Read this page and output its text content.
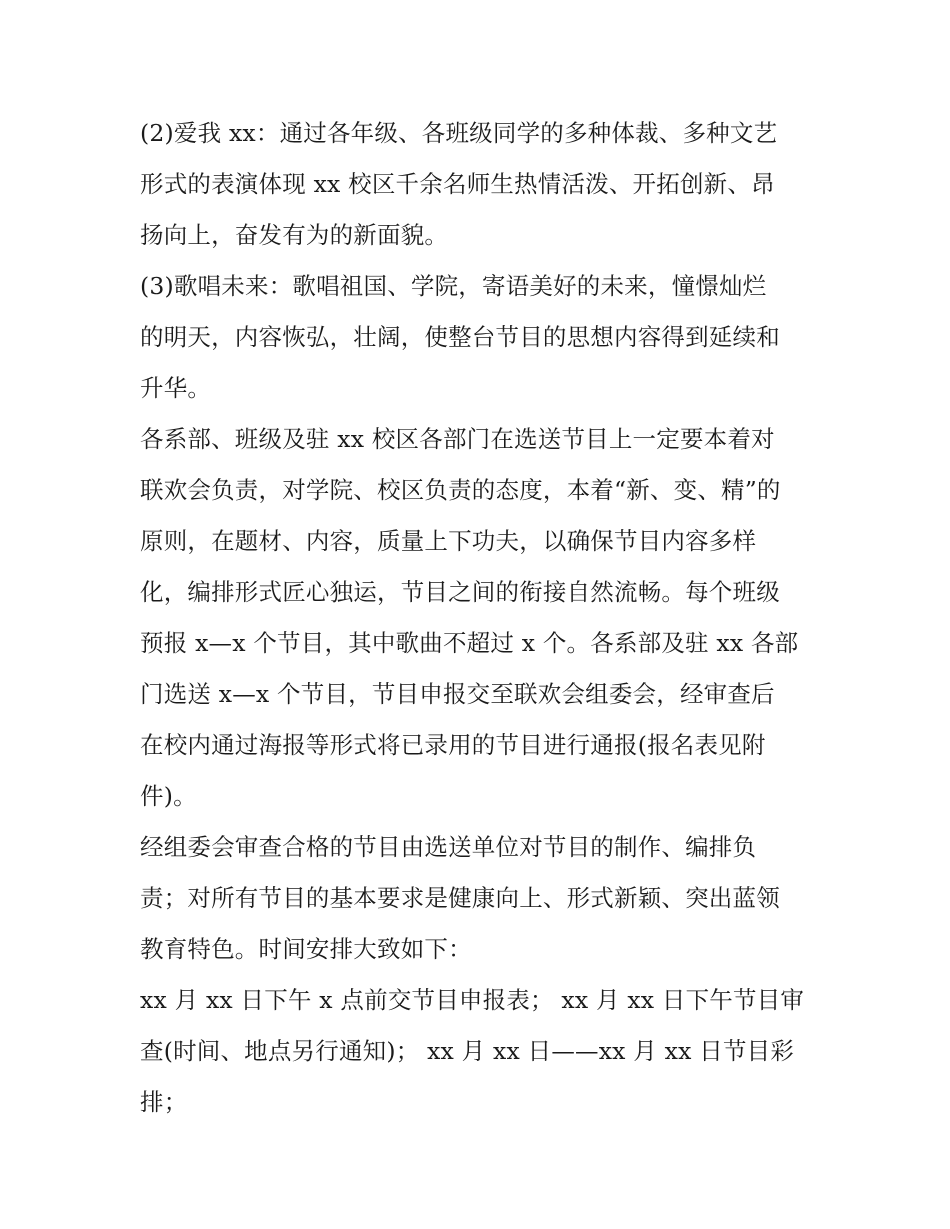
(2)爱我 xx：通过各年级、各班级同学的多种体裁、多种文艺
形式的表演体现 xx 校区千余名师生热情活泼、开拓创新、昂
扬向上，奋发有为的新面貌。
(3)歌唱未来：歌唱祖国、学院，寄语美好的未来，憧憬灿烂
的明天，内容恢弘，壮阔，使整台节目的思想内容得到延续和
升华。
各系部、班级及驻 xx 校区各部门在选送节目上一定要本着对
联欢会负责，对学院、校区负责的态度，本着“新、变、精”的
原则，在题材、内容，质量上下功夫，以确保节目内容多样
化，编排形式匠心独运，节目之间的衔接自然流畅。每个班级
预报 x—x 个节目，其中歌曲不超过 x 个。各系部及驻 xx 各部
门选送 x—x 个节目，节目申报交至联欢会组委会，经审查后
在校内通过海报等形式将已录用的节目进行通报(报名表见附
件)。
经组委会审查合格的节目由选送单位对节目的制作、编排负
责；对所有节目的基本要求是健康向上、形式新颖、突出蓝领
教育特色。时间安排大致如下：
xx 月 xx 日下午 x 点前交节目申报表； xx 月 xx 日下午节目审
查(时间、地点另行通知)； xx 月 xx 日——xx 月 xx 日节目彩
排；
